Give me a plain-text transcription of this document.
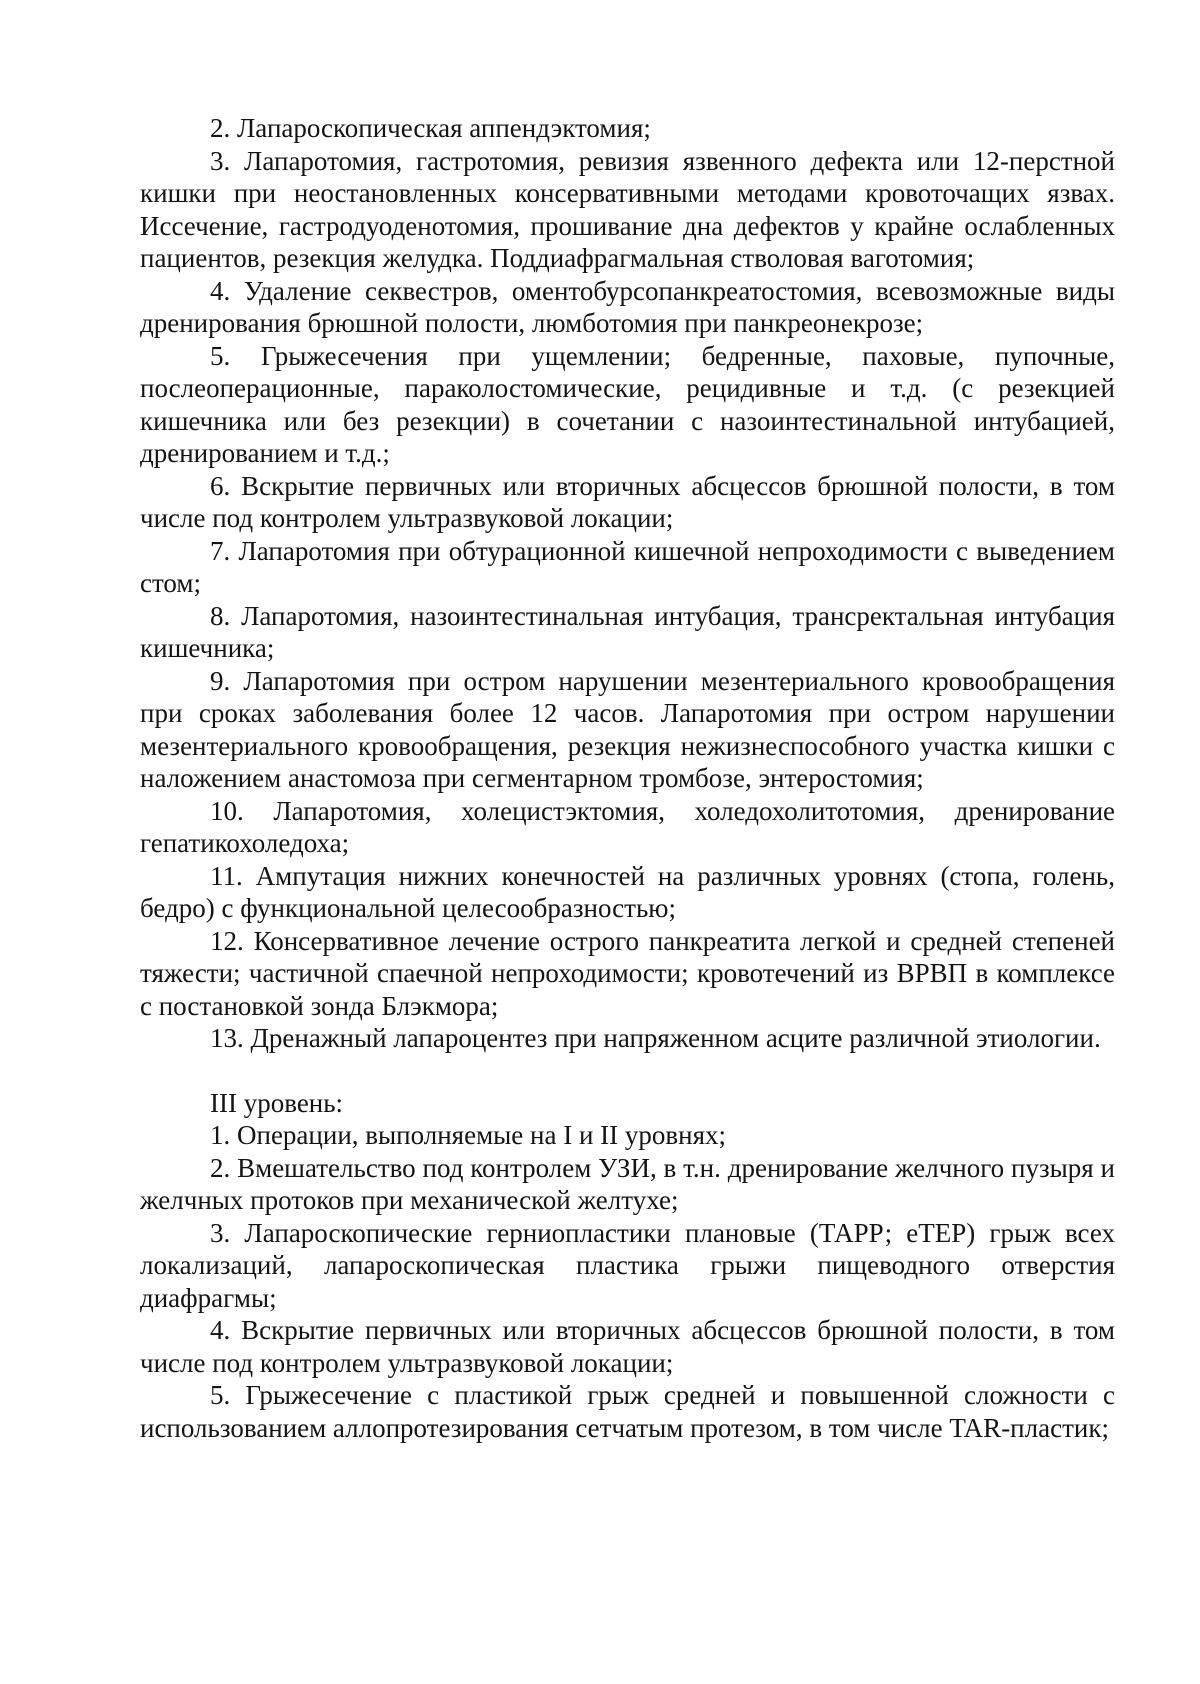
2. Лапароскопическая аппендэктомия;

3. Лапаротомия, гастротомия, ревизия язвенного дефекта или 12-перстной кишки при неостановленных консервативными методами кровоточащих язвах. Иссечение, гастродуоденотомия, прошивание дна дефектов у крайне ослабленных пациентов, резекция желудка. Поддиафрагмальная стволовая ваготомия;

4. Удаление секвестров, оментобурсопанкреатостомия, всевозможные виды дренирования брюшной полости, люмботомия при панкреонекрозе;

5. Грыжесечения при ущемлении; бедренные, паховые, пупочные, послеоперационные, параколостомические, рецидивные и т.д. (с резекцией кишечника или без резекции) в сочетании с назоинтестинальной интубацией, дренированием и т.д.;

6. Вскрытие первичных или вторичных абсцессов брюшной полости, в том числе под контролем ультразвуковой локации;

7. Лапаротомия при обтурационной кишечной непроходимости с выведением стом;

8. Лапаротомия, назоинтестинальная интубация, трансректальная интубация кишечника;

9. Лапаротомия при остром нарушении мезентериального кровообращения при сроках заболевания более 12 часов. Лапаротомия при остром нарушении мезентериального кровообращения, резекция нежизнеспособного участка кишки с наложением анастомоза при сегментарном тромбозе, энтеростомия;

10. Лапаротомия, холецистэктомия, холедохолитотомия, дренирование гепатикохоледоха;

11. Ампутация нижних конечностей на различных уровнях (стопа, голень, бедро) с функциональной целесообразностью;

12. Консервативное лечение острого панкреатита легкой и средней степеней тяжести; частичной спаечной непроходимости; кровотечений из ВРВП в комплексе с постановкой зонда Блэкмора;

13. Дренажный лапароцентез при напряженном асците различной этиологии.

III уровень:

1. Операции, выполняемые на I и II уровнях;

2. Вмешательство под контролем УЗИ, в т.н. дренирование желчного пузыря и желчных протоков при механической желтухе;

3. Лапароскопические герниопластики плановые (ТАРР; еТЕР) грыж всех локализаций, лапароскопическая пластика грыжи пищеводного отверстия диафрагмы;

4. Вскрытие первичных или вторичных абсцессов брюшной полости, в том числе под контролем ультразвуковой локации;

5. Грыжесечение с пластикой грыж средней и повышенной сложности с использованием аллопротезирования сетчатым протезом, в том числе TAR-пластик;
